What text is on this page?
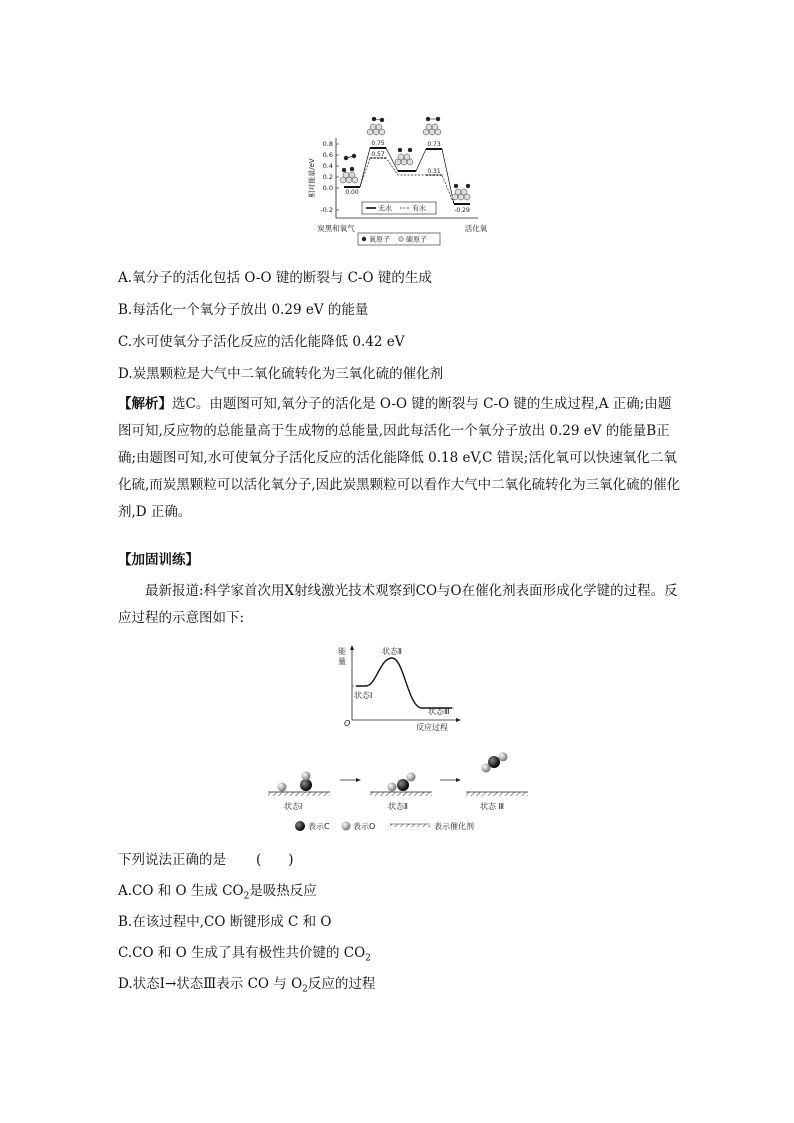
0.8
0.6
0.4
0.2
0.0
-0.2
相对能量/eV	0.00
0.75
0.57
0.73
0.31
-0.29
无水	有水
炭黑和氧气	活化氧
氧原子 碳原子
A.氧分子的活化包括 O-O 键的断裂与 C-O 键的生成
B.每活化一个氧分子放出 0.29 eV 的能量
C.水可使氧分子活化反应的活化能降低 0.42 eV
D.炭黑颗粒是大气中二氧化硫转化为三氧化硫的催化剂
【解析】选C。由题图可知,氧分子的活化是 O-O 键的断裂与 C-O 键的生成过程,A 正确;由题图可知,反应物的总能量高于生成物的总能量,因此每活化一个氧分子放出 0.29 eV 的能量B正确;由题图可知,水可使氧分子活化反应的活化能降低 0.18 eV,C 错误;活化氧可以快速氧化二氧化硫,而炭黑颗粒可以活化氧分子,因此炭黑颗粒可以看作大气中二氧化硫转化为三氧化硫的催化剂,D 正确。
【加固训练】
最新报道:科学家首次用X射线激光技术观察到CO与O在催化剂表面形成化学键的过程。反应过程的示意图如下:
能
量
O	反应过程
状态Ⅱ
状态Ⅰ
状态Ⅲ
状态Ⅰ	状态Ⅱ	状态 Ⅲ
表示C	表示O	表示催化剂
下列说法正确的是 (　　)
A.CO 和 O 生成 $CO_2$是吸热反应
B.在该过程中,CO 断键形成 C 和 O
C.CO 和 O 生成了具有极性共价键的 $CO_2$
D.状态Ⅰ→状态Ⅲ表示 CO 与 $O_2$反应的过程
